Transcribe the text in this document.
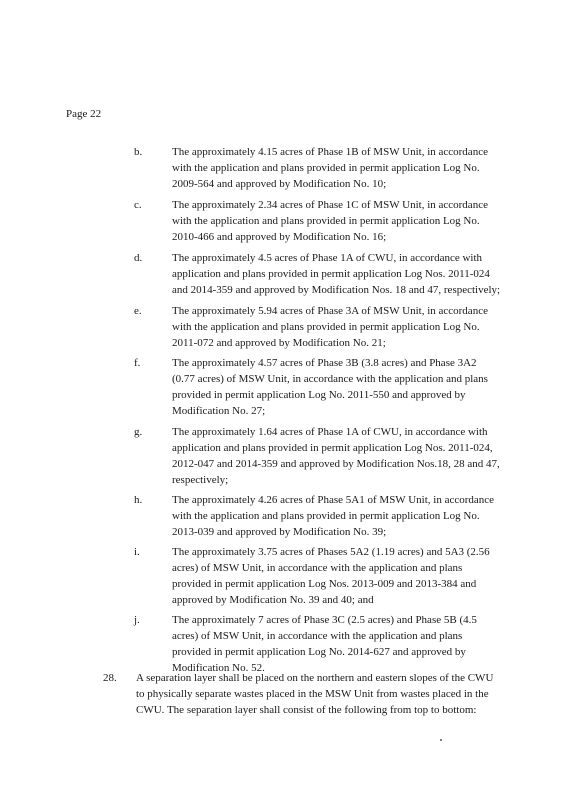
Page 22
b.	The approximately 4.15 acres of Phase 1B of MSW Unit, in accordance
with the application and plans provided in permit application Log No.
2009-564 and approved by Modification No. 10;
c.	The approximately 2.34 acres of Phase 1C of MSW Unit, in accordance
with the application and plans provided in permit application Log No.
2010-466 and approved by Modification No. 16;
d.	The approximately 4.5 acres of Phase 1A of CWU, in accordance with
application and plans provided in permit application Log Nos. 2011-024
and 2014-359 and approved by Modification Nos. 18 and 47, respectively;
e.	The approximately 5.94 acres of Phase 3A of MSW Unit, in accordance
with the application and plans provided in permit application Log No.
2011-072 and approved by Modification No. 21;
f.	The approximately 4.57 acres of Phase 3B (3.8 acres) and Phase 3A2
(0.77 acres) of MSW Unit, in accordance with the application and plans
provided in permit application Log No. 2011-550 and approved by
Modification No. 27;
g.	The approximately 1.64 acres of Phase 1A of CWU, in accordance with
application and plans provided in permit application Log Nos. 2011-024,
2012-047 and 2014-359 and approved by Modification Nos.18, 28 and 47,
respectively;
h.	The approximately 4.26 acres of Phase 5A1 of MSW Unit, in accordance
with the application and plans provided in permit application Log No.
2013-039 and approved by Modification No. 39;
i.	The approximately 3.75 acres of Phases 5A2 (1.19 acres) and 5A3 (2.56
acres) of MSW Unit, in accordance with the application and plans
provided in permit application Log Nos. 2013-009 and 2013-384 and
approved by Modification No. 39 and 40; and
j.	The approximately 7 acres of Phase 3C (2.5 acres) and Phase 5B (4.5
acres) of MSW Unit, in accordance with the application and plans
provided in permit application Log No. 2014-627 and approved by
Modification No. 52.
28. A separation layer shall be placed on the northern and eastern slopes of the CWU
to physically separate wastes placed in the MSW Unit from wastes placed in the
CWU. The separation layer shall consist of the following from top to bottom:
